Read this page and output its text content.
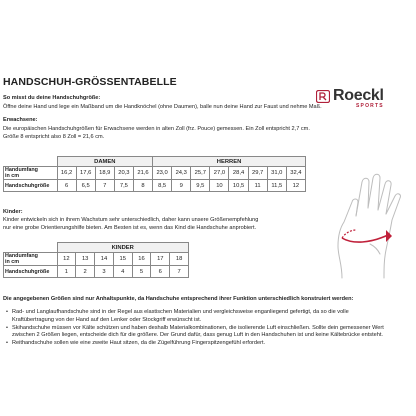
HANDSCHUH-GRÖSSENTABELLE
Roeckl
SPORTS
So misst du deine Handschuhgröße:
Öffne deine Hand und lege ein Maßband um die Handknöchel (ohne Daumen), balle nun deine Hand zur Faust und nehme Maß.
Erwachsene:
Die europäischen Handschuhgrößen für Erwachsene werden in alten Zoll (frz. Pouce) gemessen. Ein Zoll entspricht 2,7 cm.
Größe 8 entspricht also 8 Zoll = 21,6 cm.
	DAMEN					HERREN							
Handumfang
in cm	16,2	17,6	18,9	20,3	21,6	23,0	24,3	25,7	27,0	28,4	29,7	31,0	32,4
Handschuhgröße	6	6,5	7	7,5	8	8,5	9	9,5	10	10,5	11	11,5	12
Kinder:
Kinder entwickeln sich in ihrem Wachstum sehr unterschiedlich, daher kann unsere Größenempfehlung
nur eine grobe Orientierungshilfe bieten. Am Besten ist es, wenn das Kind die Handschuhe anprobiert.
	KINDER						
Handumfang
in cm	12	13	14	15	16	17	18
Handschuhgröße	1	2	3	4	5	6	7
Die angegebenen Größen sind nur Anhaltspunkte, da Handschuhe entsprechend ihrer Funktion unterschiedlich konstruiert werden:
• Rad- und Langlaufhandschuhe sind in der Regel aus elastischen Materialien und vergleichsweise enganliegend gefertigt, da so die volle
Kraftübertragung von der Hand auf den Lenker oder Stockgriff erwünscht ist.
• Skihandschuhe müssen vor Kälte schützen und haben deshalb Materialkombinationen, die isolierende Luft einschließen. Sollte dein gemessener Wert
zwischen 2 Größen liegen, entscheide dich für die größere. Der Grund dafür, dass genug Luft in den Handschuhen ist und keine Kältebrücke entsteht.
• Reithandschuhe sollen wie eine zweite Haut sitzen, da die Zügelführung Fingerspitzengefühl erfordert.
